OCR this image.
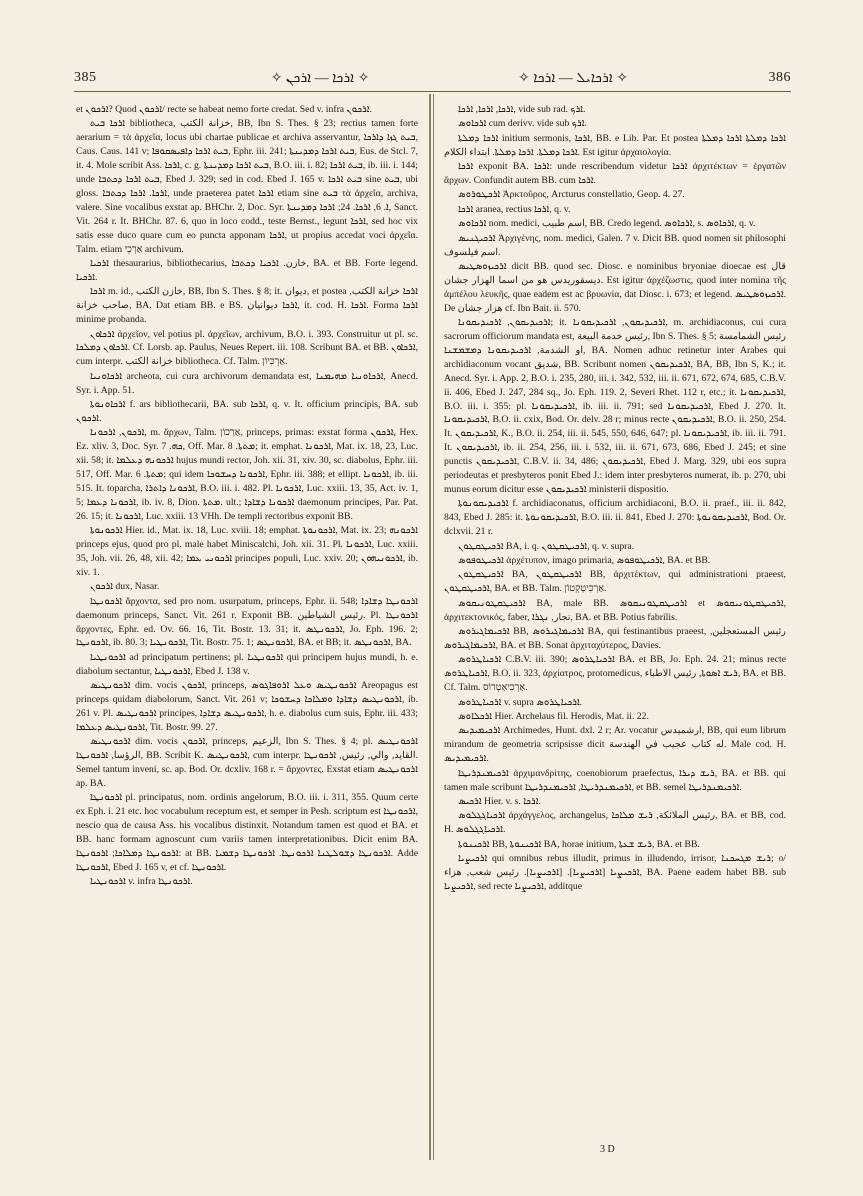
385	✧ ܐܪܟܐ — ܐܪܟܢ ✧	✧ ܐܪܟܐܝܠ — ܐܪܟܐ ✧	386

et ܐܪܟܘܢ? Quod ܐܪܟܘܢ/ recte se habeat nemo forte credat. Sed v. infra ܐܪܟܘܢ.

ܐܪܟܐ ܒܝܬ bibliotheca, خزانة الكتب, BB, Ibn S. Thes. § 23; rectius tamen forte aerarium = τὰ ἀρχεῖα, locus ubi chartae publicae et archiva asservantur, ܒܝܬ ܓܙܐ ܕܐܪܟܐ, Caus. Caus. 141 v; ܒܝܬ ܐܪܟܐ ܕܐܦܝܣܩܘܦܐ, Ephr. iii. 241; ܒܝܬ ܐܪܟܐ ܕܡܕܝܢܬܐ, Eus. de Stcl. 7, it. 4. Mole scribit Ass. ܐܪܟܐ, c. g. ܒܝܬ ܐܪܟܐ ܕܡܕܝܢܬܐ, B.O. iii. i. 82; ܒܝܬ ܐܪܟܐ, ib. iii. i. 144; unde ܒܝܬ ܐܪܟܐ ܕܟܬܒܐ, Ebed J. 329; sed in cod. Ebed J. 165 v. ܒܝܬ ܐܪܟܐ sine ܒܝܬ, ubi gloss. ܐܪܟܐ. ܐܪܟܐ ܕܟܬܒܐ, unde praeterea patet ܐܪܟܐ etiam sine ܒܝܬ τὰ ἀρχεῖα, archiva, valere. Sine vocalibus exstat ap. BHChr. 2, Doc. Syr. ܐ. 6, ܐܪܟܐ. 24; ܐܪܟܐ ܕܡܕܝܢܬܐ, Sanct. Vit. 264 r. It. BHChr. 87. 6, quo in loco codd., teste Bernst., legunt ܐܪܟܐ, sed hoc vix satis esse duco quare cum eo puncta apponam ܐܪܟܐ, ut propius accedat voci ἀρχεῖα. Talm. etiam אַרְכֵי archivum.

ܐܪܟܝܐ thesaurarius, bibliothecarius, خازن. ܐܪܟܝܐ ܕܟܬܒܐ, BA. et BB. Forte legend. ܐܪܟܝܐ.

ܐܪܟܐ m. id., خازن الكتب, BB, Ibn S. Thes. § 8; it. ديوان, et postea ܐܪܟܐ خزانة الكتب, صاحب خزانة, BA. Dat etiam BB. e BS. ܐܪܟܐ ديوانيان, it. cod. H. ܐܪܟܐ. Forma ܐܪܟܐ minime probanda.

ܐܪܟܐܘܢ ἀρχεῖον, vel potius pl. ἀρχεῖων, archivum, B.O. i. 393. Construitur ut pl. sc. ܐܪܟܐܘܢ ܕܡܠܟܐ. Cf. Lorsb. ap. Paulus, Neues Repert. iii. 108. Scribunt BA. et BB. ܐܪܟܐܘܢ, cum interpr. خزانة الكتب bibliotheca. Cf. Talm. אַרְכִּיוֹן.

ܐܪܟܐܘܢܝܐ archeota, cui cura archivorum demandata est, ܐܪܟܐܘܢܝܐ ܡܗܝܡܢܐ, Anecd. Syr. i. App. 51.

ܐܪܟܐܘܢܘܬܐ f. ars bibliothecarii, BA. sub ܐܪܟܐ, q. v. It. officium principis, BA. sub ܐܪܟܘܢ.

ܐܪܟܘܢ, ܐܪܟܘܢܐ, m. ἄρχων, Talm. אַרְכוֹן, princeps, primas: exstat forma ܐܪܟܘܢ, Hex. Ez. xliv. 3, Doc. Syr. ܟܗ. 7, Off. Mar. ܡܬܬܐ. 8; it. emphat. ܐܪܟܘܢܐ, Mat. ix. 18, 23, Luc. xii. 58; it. ܐܪܟܘܢܗ ܕܥܠܡܐ hujus mundi rector, Joh. xii. 31, xiv. 30, sc. diabolus, Ephr. iii. 517, Off. Mar. ܡܬܬܐ. 6; qui idem ܐܪܟܘܢܐ ܕܚܫܘܟܐ, Ephr. iii. 388; et ellipt. ܐܪܟܘܢܐ, ib. iii. 515. It. toparcha, ܐܪܟܘܢܐ ܕܐܬܪܐ, B.O. iii. i. 482. Pl. ܐܪܟܘܢܐ, Luc. xxiii. 13, 35, Act. iv. 1, 5; ܐܪܟܘܢܐ ܕܥܡܐ, ib. iv. 8, Dion. ܡܬܬܐ. ult.; ܐܪܟܘܢܐ ܕܫܐܕܐ daemonum principes, Par. Pat. 26. 15; it. ܐܪܟܘܢܐ, Luc. xxiii. 13 VHh. De templi rectoribus exponit BB.

ܐܪܟܘܢܘܬܐ Hier. id., Mat. ix. 18, Luc. xviii. 18; emphat. ܐܪܟܘܢܘܬܐ, Mat. ix. 23; ܐܪܟܘܢܗ princeps ejus, quod pro pl. male habet Miniscalchi, Joh. xii. 31. Pl. ܐܪܟܘܢܐ, Luc. xxiii. 35, Joh. vii. 26, 48, xii. 42; ܐܪܟܘܢܝ ܥܡܐ principes populi, Luc. xxiv. 20; ܐܪܟܘܢܝܗܘܢ, ib. xiv. 1.

ܐܪܟܘܢ dux, Nasar.

ܐܪܟܘܢܛܐ ἄρχοντα, sed pro nom. usurpatum, princeps, Ephr. ii. 548; ܐܪܟܘܢܛܐ ܕܫܐܕܐ daemonum princeps, Sanct. Vit. 261 r. Exponit BB. رئيس الشياطين. Pl. ܐܪܟܘܢܛܐ ἄρχοντες, Ephr. ed. Ov. 66. 16, Tit. Bostr. 13. 31; it. ܐܪܟܘܢܛܣ, Jo. Eph. 196. 2; ܐܪܟܘܢܛܐ, ib. 80. 3; ܐܪܟܘܢܛܝܐ, Tit. Bostr. 75. 1; ܐܪܟܘܢܛܣ, BA. et BB; it. ܐܪܟܘܢܛܣ, BA.

ܐܪܟܘܢܛܝܐ ad principatum pertinens; pl. ܐܪܟܘܢܛܝܐ qui principem hujus mundi, h. e. diabolum sectantur, ܐܪܟܘܢܛܝܐ, Ebed J. 138 v.

ܐܪܟܘܢܛܝܣ dim. vocis ܐܪܟܘܢ, princeps, ܐܪܟܘܢܛܝܣ ܘܥܠ ܐܪܘܦܐܓܘܣ Areopagus est princeps quidam diabolorum, Sanct. Vit. 261 v; ܐܪܟܘܢܛܝܣ ܕܫܐܕܐ ܘܡܠܐܟܐ ܕܚܫܘܟܐ, ib. 261 v. Pl. ܐܪܟܘܢܛܝܣ principes, ܐܪܟܘܢܛܝܣ ܕܫܐܕܐ, h. e. diabolus cum suis, Ephr. iii. 433; ܐܪܟܘܢܛܝܣ ܕܥܠܡܐ, Tit. Bostr. 99. 27.

ܐܪܟܘܢܛܝܣ dim. vocis ܐܪܟܘܢ, princeps, الزعيم, Ibn S. Thes. § 4; pl. ܐܪܟܘܢܛܝܣ الرؤسا, ܐܪܟܘܢܛܐ, BB. Scribit K. ܐܪܟܘܢܛܝܣ, cum interpr. القايد, والي, رئيس, ܐܪܟܘܢܛܐ. Semel tantum inveni, sc. ap. Bod. Or. dcxliv. 168 r. = ἄρχοντες. Exstat etiam ܐܪܟܘܢܛܝܣ ap. BA.

ܐܪܟܘܢܛܐ pl. principatus, nom. ordinis angelorum, B.O. iii. i. 311, 355. Quum certe ex Eph. i. 21 etc. hoc vocabulum receptum est, et semper in Pesh. scriptum est ܐܪܟܘܢܛܐ, nescio qua de causa Ass. his vocalibus distinxit. Notandum tamen est quod et BA. et BB. hanc formam agnoscunt cum variis tamen interpretationibus. Dicit enim BA. ܐܪܟܘܢܛܐ ܕܡܠܐܟܐ; ܐܪܟܘܢܛܐ: at BB. ܐܪܟܘܢܛܐ ܕܫܘܠܛܢܐ ܐܪܟܘܢܛܐ. ܐܪܟܘܢܛܐ ܕܫܡܝܐ. Adde ܐܪܟܘܢܛܐ, Ebed J. 165 v, et cf. ܐܪܟܘܢܛܐ.

ܐܪܟܘܢܛܝܐ v. infra ܐܪܟܘܢܛܐ.

ܐܪܟܐ, ܐܪܟܐ, ܐܪܟܐ, vide sub rad. ܐܪܟ.

ܐܪܟܐܘܣ cum derivv. vide sub ܐܪܟ.

ܐܪܟܐ ܕܡܠܬܐ initium sermonis, ܐܪܟܐ, BB. e Lib. Par. Et postea ܐܪܟܐ ܕܡܠܬܐ ܐܪܟܐ ܕܡܠܬܐ ܐܪܟܐ ܕܡܠܬܐ. ܐܪܟܐ ܕܡܠܬܐ. ابتداء الكلام. Est igitur ἀρχαιολογία.

ܐܪܟܐ exponit BA. ܐܪܟܐ: unde rescribendum videtur ܐܪܟܐ ἀρχιτέκτων = ἐργατῶν ἄρχων. Confundit autem BB. cum ܐܪܟܐ.

ܐܪܟܛܘܪܘܣ Ἀρκτοῦρος, Arcturus constellatio, Geop. 4. 27.

ܐܪܟܐ aranea, rectius ܐܪܟܐ, q. v.

ܐܪܟܐܘܣ nom. medici, اسم طبيب, BB. Credo legend. ܐܪܟܐܘܣ, s. ܐܪܟܐܘܣ, q. v.

ܐܪܟܝܓܢܝܣ Ἀρχιγένης, nom. medici, Galen. 7 v. Dicit BB. quod nomen sit philosophi اسم فيلسوف.

ܐܪܟܝܙܘܣܛܝܣ dicit BB. quod sec. Diosc. e nominibus bryoniae dioecae est قال ديسقوريدس هو من اسما الهزار جشان. Est igitur ἀρχέζωστις, quod inter nomina τῆς ἀμπέλου λευκῆς, quae eadem est ac βρυωνία, dat Diosc. i. 673; et legend. ܐܪܟܝܙܘܣܛܝܣ. De هزار جشان cf. Ibn Bait. ii. 570.

ܐܪܟܝܕܝܩܘܢ, ܐܪܟܝܕܝܩܘܢܐ; it. ܐܪܟܝܕܝܩܘܢ, ܐܪܟܝܕܝܩܘܢܐ, m. archidiaconus, cui cura sacrorum officiorum mandata est, رئيس خدمة البيعة, Ibn S. Thes. § 5; رئيس الشمامسة او الشدمة, ܐܪܟܝܕܝܩܘܢܐ ܕܡܫܡܫܢܐ, BA. Nomen adhuc retinetur inter Arabes qui archidiaconum vocant شديق, BB. Scribunt nomen ܐܪܟܝܕܝܩܘܢ, BA, BB, Ibn S, K.; it. Anecd. Syr. i. App. 2, B.O. i. 235, 280, iii. i. 342, 532, iii. ii. 671, 672, 674, 685, C.B.V. ii. 406, Ebed J. 247, 284 sq., Jo. Eph. 119. 2, Severi Rhet. 112 r, etc.; it. ܐܪܟܝܕܝܩܘܢܐ, B.O. iii. i. 355: pl. ܐܪܟܝܕܝܩܘܢܐ, ib. iii. ii. 791; sed ܐܪܟܝܕܝܩܘܢܐ, Ebed J. 270. It. ܐܪܟܝܕܝܩܘܢܐ, B.O. ii. cxix, Bod. Or. delv. 28 r; minus recte ܐܪܟܝܕܝܩܘܢ, B.O. ii. 250, 254. It. ܐܪܟܝܕܝܩܘܢ, K., B.O. ii. 254, iii. ii. 545, 550, 646, 647; pl. ܐܪܟܝܕܝܩܘܢܐ, ib. iii. ii. 791. It. ܐܪܟܝܕܝܩܘܢ, ib. ii. 254, 256, iii. i. 532, iii. ii. 671, 673, 686, Ebed J. 245; et sine punctis ܐܪܟܝܕܝܩܘܢ, C.B.V. ii. 34, 486; ܐܪܟܝܕܝܩܘܢ, Ebed J. Marg. 329, ubi eos supra periodeutas et presbyteros ponit Ebed J.: idem inter presbyteros numerat, ib. p. 270, ubi munus eorum dicitur esse ܐܪܟܝܕܝܩܘܢ ministerii dispositio.

ܐܪܟܝܕܝܩܘܢܘܬܐ f. archidiaconatus, officium archidiaconi, B.O. ii. praef., iii. ii. 842, 843, Ebed J. 285: it. ܐܪܟܝܕܝܩܘܢܘܬܐ, B.O. iii. ii. 841, Ebed J. 270: ܐܪܟܝܕܝܩܘܢܘܬܐ, Bod. Or. dclxvii. 21 r.

ܐܪܟܝܛܩܛܘܢ BA, i. q. ܐܪܟܝܛܩܛܘܢ, q. v. supra.

ܐܪܟܝܛܘܦܘܣ ἀρχέτυπον, imago primaria, ܐܪܟܝܛܘܦܘܣ, BA. et BB.

ܐܪܟܝܛܩܛܘܢ BA, ܐܪܟܝܛܩܛܘܢ BB, ἀρχιτέκτων, qui administrationi praeest, ܐܪܟܝܛܩܛܘܢ, BA. et BB. Talm. אַרְכִּיטְקְטוֹן.

ܐܪܟܝܛܩܛܘܢܝܩܘܣ BA, male BB. ܐܪܟܝܛܩܛܘܢܝܩܘܣ et ܐܪܟܝܛܩܛܘܢܝܩܘܣ, ἀρχιτεκτονικός, faber, نجار, ܢܓܪܐ, BA. et BB. Potius fabrilis.

ܐܪܟܝܡܐܓܝܪܘܣ BB, ܐܪܟܝܡܐܓܝܪܘܣ BA, qui festinantibus praeest, رئيس المستعجلين, ܐܪܟܝܡܐܓܝܪܘܣ, BA. et BB. Sonat ἀρχιταχύτερος, Davies.

ܐܪܟܝܐܛܪܘܣ C.B.V. iii. 390; ܐܪܟܝܐܛܪܘܣ BA. et BB, Jo. Eph. 24. 21; minus recte ܐܪܟܝܐܛܪܘܣ, B.O. ii. 323, ἀρχίατρος, protomedicus, ܪܝܫ ܐܣܘܬܐ, رئيس الاطباء, BA. et BB. Cf. Talm. אַרְכִיאַטְרוֹס.

ܐܪܟܝܐܛܪܘܣ v. supra ܐܪܟܝܐܛܪܘܣ.

ܐܪܟܠܐܘܣ Hier. Archelaus fil. Herodis, Mat. ii. 22.

ܐܪܟܝܡܝܕܝܣ Archimedes, Hunt. dxl. 2 r; Ar. vocatur ارشميدس, BB, qui eum librum mirandum de geometria scripsisse dicit له كتاب عجيب في الهندسة. Male cod. H. ܐܪܟܝܡܝܕܝܣ.

ܐܪܟܝܡܢܕܪܝܛܐ ἀρχιμανδρίτης, coenobiorum praefectus, ܪܝܫ ܕܝܪܐ, BA. et BB. qui tamen male scribunt ܐܪܟܝܡܢܕܪܝܛܐ, ܐܪܟܝܡܢܕܪܝܛܐ, et BB. semel ܐܪܟܝܡܢܕܪܝܛܐ.

ܐܪܟܝܣ Hier. v. s. ܐܪܟܐ.

ܐܪܟܝܐܓܓܠܘܣ ἀρχάγγελος, archangelus, رئيس الملائكة, ܪܝܫ ܡܠܐܟܐ, BA. et BB, cod. H. ܐܪܟܝܐܓܓܠܘܣ.

ܐܪܟܝܢܘܬܐ BB, ܐܪܟܝܢܘܬܐ BA, horae initium, ܪܝܫ ܫܥܬܐ, BA. et BB.

ܐܪܟܝܨܝܐ qui omnibus rebus illudit, primus in illudendo, irrisor, ܪܝܫ ܡܓܚܟܢܐ; o/ ܐܪܟܝܨܝܐ [ܐܪܟܝܨܝܐ]. [ܐܪܟܝܨܝܐ]. رئيس شعب, هزاء, BA. Paene eadem habet BB. sub ܐܪܟܝܨܝܐ, sed recte ܐܪܟܝܨܝܐ, additque

3 D
